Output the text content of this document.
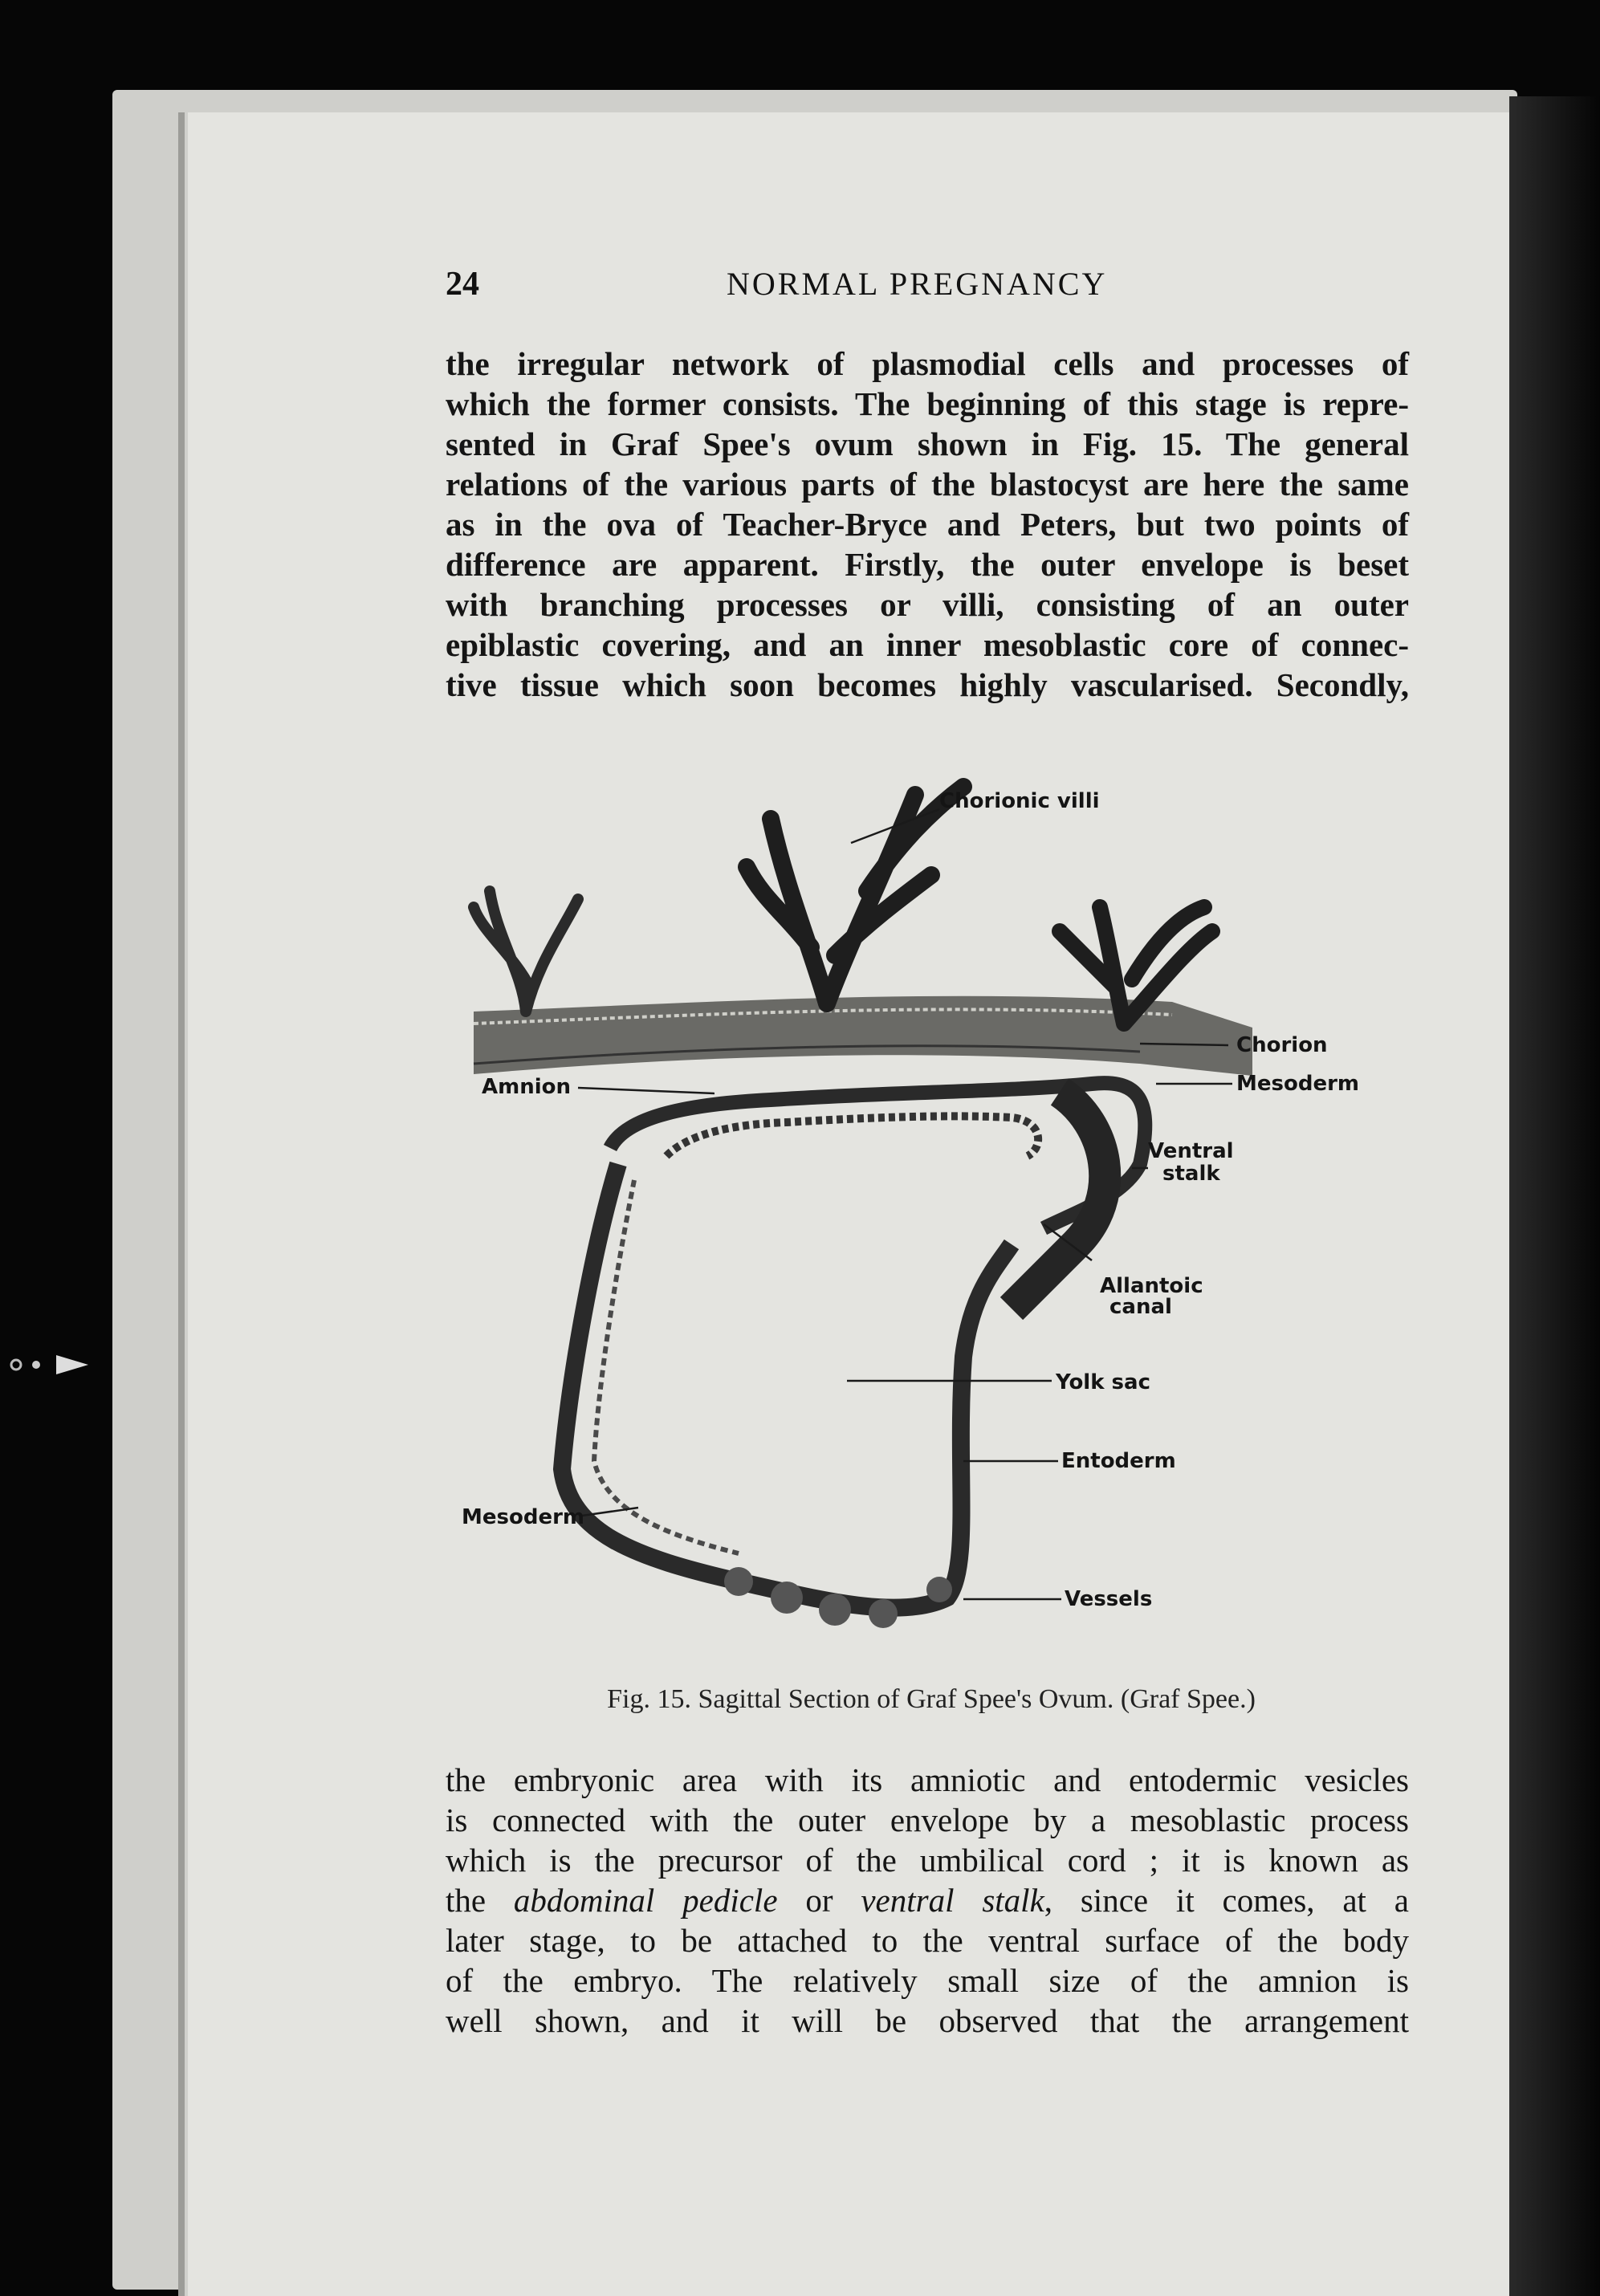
24	NORMAL PREGNANCY
the irregular network of plasmodial cells and processes of
which the former consists. The beginning of this stage is repre-
sented in Graf Spee's ovum shown in Fig. 15. The general
relations of the various parts of the blastocyst are here the same
as in the ova of Teacher-Bryce and Peters, but two points of
difference are apparent. Firstly, the outer envelope is beset
with branching processes or villi, consisting of an outer
epiblastic covering, and an inner mesoblastic core of connec-
tive tissue which soon becomes highly vascularised. Secondly,
Chorionic villi
Chorion
Mesoderm
Amnion
Ventral
stalk
Allantoic
canal
Yolk sac
Entoderm
Mesoderm
Vessels
Fig. 15. Sagittal Section of Graf Spee's Ovum. (Graf Spee.)
the embryonic area with its amniotic and entodermic vesicles
is connected with the outer envelope by a mesoblastic process
which is the precursor of the umbilical cord ; it is known as
the abdominal pedicle or ventral stalk, since it comes, at a
later stage, to be attached to the ventral surface of the body
of the embryo. The relatively small size of the amnion is
well shown, and it will be observed that the arrangement
